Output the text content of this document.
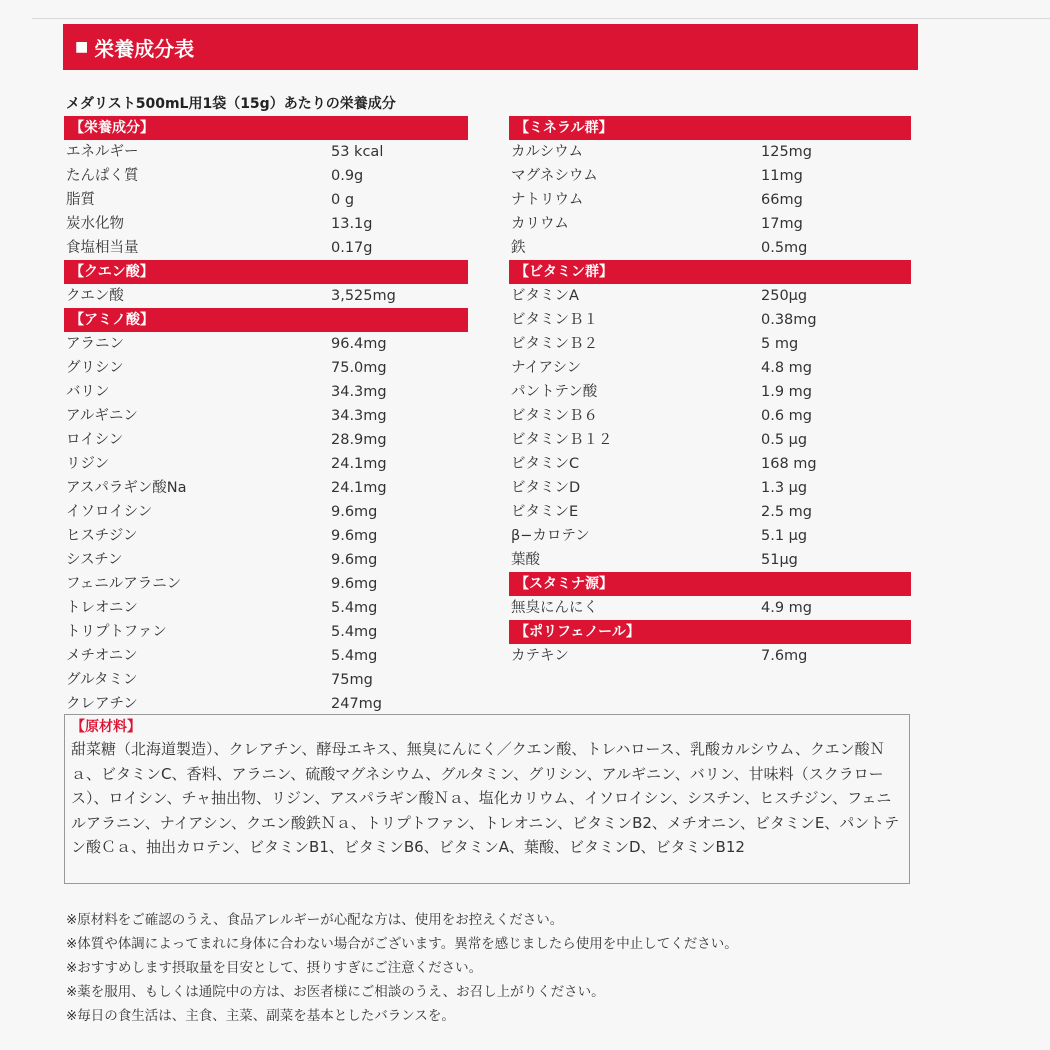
■ 栄養成分表
メダリスト500mL用1袋（15g）あたりの栄養成分
【栄養成分】
エネルギー	53 kcal
たんぱく質	0.9g
脂質	0 g
炭水化物	13.1g
食塩相当量	0.17g
【クエン酸】
クエン酸	3,525mg
【アミノ酸】
アラニン	96.4mg
グリシン	75.0mg
バリン	34.3mg
アルギニン	34.3mg
ロイシン	28.9mg
リジン	24.1mg
アスパラギン酸Na	24.1mg
イソロイシン	9.6mg
ヒスチジン	9.6mg
シスチン	9.6mg
フェニルアラニン	9.6mg
トレオニン	5.4mg
トリプトファン	5.4mg
メチオニン	5.4mg
グルタミン	75mg
クレアチン	247mg
【ミネラル群】
カルシウム	125mg
マグネシウム	11mg
ナトリウム	66mg
カリウム	17mg
鉄	0.5mg
【ビタミン群】
ビタミンA	250μg
ビタミンＢ１	0.38mg
ビタミンＢ２	5 mg
ナイアシン	4.8 mg
パントテン酸	1.9 mg
ビタミンＢ６	0.6 mg
ビタミンＢ１２	0.5 μg
ビタミンC	168 mg
ビタミンD	1.3 μg
ビタミンE	2.5 mg
β−カロテン	5.1 μg
葉酸	51μg
【スタミナ源】
無臭にんにく	4.9 mg
【ポリフェノール】
カテキン	7.6mg
【原材料】
甜菜糖（北海道製造）、クレアチン、酵母エキス、無臭にんにく／クエン酸、トレハロース、乳酸カルシウム、クエン酸Ｎａ、ビタミンC、香料、アラニン、硫酸マグネシウム、グルタミン、グリシン、アルギニン、バリン、甘味料（スクラロース）、ロイシン、チャ抽出物、リジン、アスパラギン酸Ｎａ、塩化カリウム、イソロイシン、シスチン、ヒスチジン、フェニルアラニン、ナイアシン、クエン酸鉄Ｎａ、トリプトファン、トレオニン、ビタミンB2、メチオニン、ビタミンE、パントテン酸Ｃａ、抽出カロテン、ビタミンB1、ビタミンB6、ビタミンA、葉酸、ビタミンD、ビタミンB12
※原材料をご確認のうえ、食品アレルギーが心配な方は、使用をお控えください。
※体質や体調によってまれに身体に合わない場合がございます。異常を感じましたら使用を中止してください。
※おすすめします摂取量を目安として、摂りすぎにご注意ください。
※薬を服用、もしくは通院中の方は、お医者様にご相談のうえ、お召し上がりください。
※毎日の食生活は、主食、主菜、副菜を基本としたバランスを。
